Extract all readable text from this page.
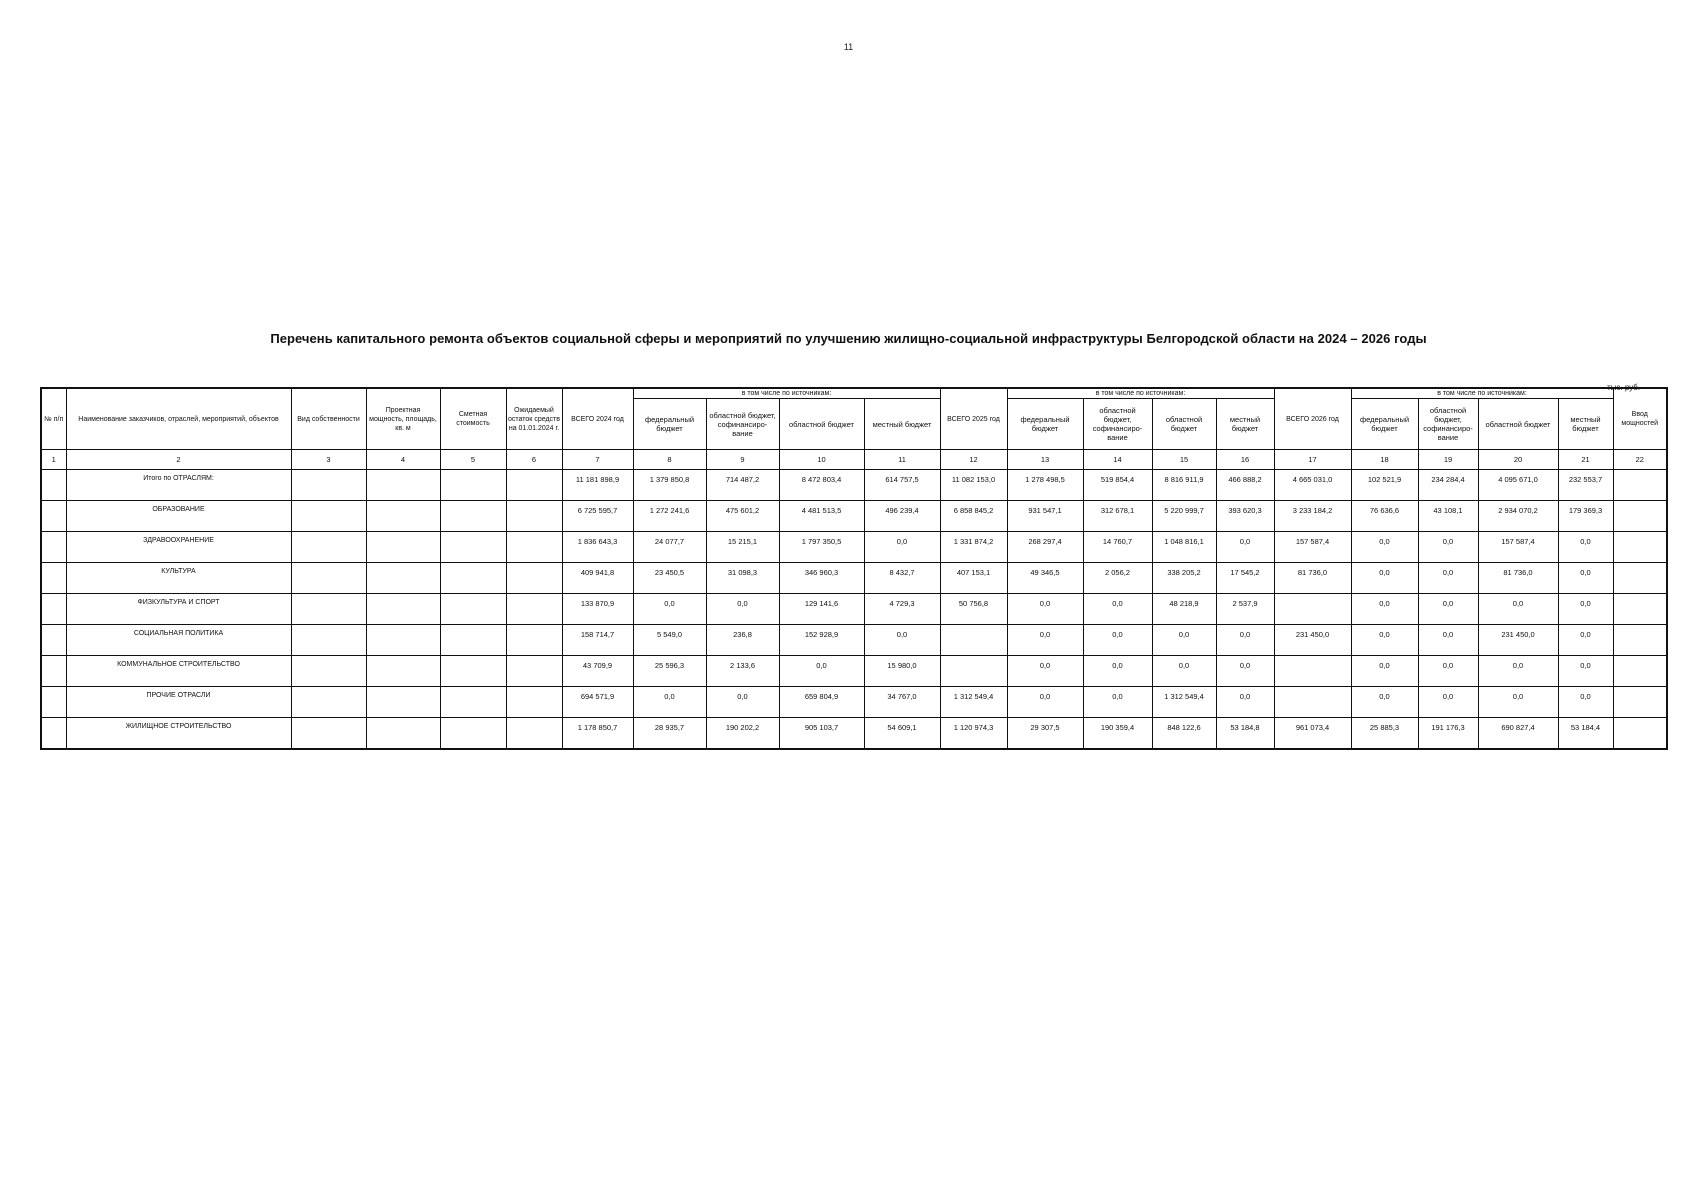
11
Перечень капитального ремонта объектов социальной сферы и мероприятий по улучшению жилищно-социальной инфраструктуры Белгородской области на 2024 – 2026 годы
тыс. руб.
№ п/п	Наименование заказчиков, отраслей, мероприятий, объектов	Вид собственности	Проектная мощность, площадь, кв. м	Сметная стоимость	Ожидаемый остаток средств на 01.01.2024 г.	ВСЕГО 2024 год	в том числе по источникам:				ВСЕГО 2025 год	в том числе по источникам:				ВСЕГО 2026 год	в том числе по источникам:				Ввод мощностей
							федеральный бюджет	областной бюджет, софинансиро-вание	областной бюджет	местный бюджет		федеральный бюджет	областной бюджет, софинансиро-вание	областной бюджет	местный бюджет		федеральный бюджет	областной бюджет, софинансиро-вание	областной бюджет	местный бюджет	
1	2	3	4	5	6	7	8	9	10	11	12	13	14	15	16	17	18	19	20	21	22
	Итого по ОТРАСЛЯМ:					11 181 898,9	1 379 850,8	714 487,2	8 472 803,4	614 757,5	11 082 153,0	1 278 498,5	519 854,4	8 816 911,9	466 888,2	4 665 031,0	102 521,9	234 284,4	4 095 671,0	232 553,7	
	ОБРАЗОВАНИЕ					6 725 595,7	1 272 241,6	475 601,2	4 481 513,5	496 239,4	6 858 845,2	931 547,1	312 678,1	5 220 999,7	393 620,3	3 233 184,2	76 636,6	43 108,1	2 934 070,2	179 369,3	
	ЗДРАВООХРАНЕНИЕ					1 836 643,3	24 077,7	15 215,1	1 797 350,5	0,0	1 331 874,2	268 297,4	14 760,7	1 048 816,1	0,0	157 587,4	0,0	0,0	157 587,4	0,0	
	КУЛЬТУРА					409 941,8	23 450,5	31 098,3	346 960,3	8 432,7	407 153,1	49 346,5	2 056,2	338 205,2	17 545,2	81 736,0	0,0	0,0	81 736,0	0,0	
	ФИЗКУЛЬТУРА И СПОРТ					133 870,9	0,0	0,0	129 141,6	4 729,3	50 756,8	0,0	0,0	48 218,9	2 537,9		0,0	0,0	0,0	0,0	
	СОЦИАЛЬНАЯ ПОЛИТИКА					158 714,7	5 549,0	236,8	152 928,9	0,0		0,0	0,0	0,0	0,0	231 450,0	0,0	0,0	231 450,0	0,0	
	КОММУНАЛЬНОЕ СТРОИТЕЛЬСТВО					43 709,9	25 596,3	2 133,6	0,0	15 980,0		0,0	0,0	0,0	0,0		0,0	0,0	0,0	0,0	
	ПРОЧИЕ ОТРАСЛИ					694 571,9	0,0	0,0	659 804,9	34 767,0	1 312 549,4	0,0	0,0	1 312 549,4	0,0		0,0	0,0	0,0	0,0	
	ЖИЛИЩНОЕ СТРОИТЕЛЬСТВО					1 178 850,7	28 935,7	190 202,2	905 103,7	54 609,1	1 120 974,3	29 307,5	190 359,4	848 122,6	53 184,8	961 073,4	25 885,3	191 176,3	690 827,4	53 184,4	
